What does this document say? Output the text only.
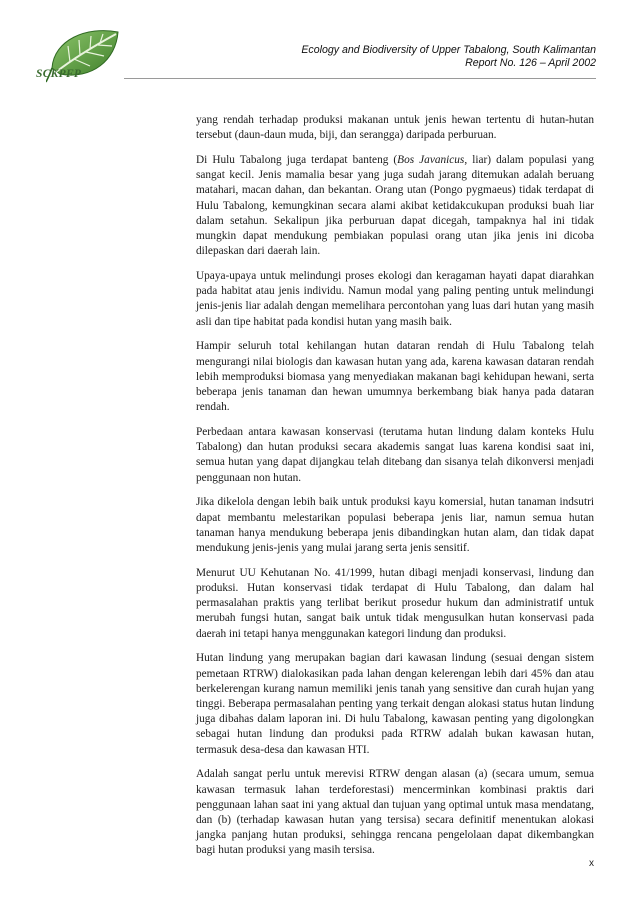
SCKPFP
Ecology and Biodiversity of Upper Tabalong, South Kalimantan
Report No. 126 – April 2002

yang rendah terhadap produksi makanan untuk jenis hewan tertentu di hutan-hutan tersebut (daun-daun muda, biji, dan serangga) daripada perburuan.

Di Hulu Tabalong juga terdapat banteng (Bos Javanicus, liar) dalam populasi yang sangat kecil. Jenis mamalia besar yang juga sudah jarang ditemukan adalah beruang matahari, macan dahan, dan bekantan. Orang utan (Pongo pygmaeus) tidak terdapat di Hulu Tabalong, kemungkinan secara alami akibat ketidakcukupan produksi buah liar dalam setahun. Sekalipun jika perburuan dapat dicegah, tampaknya hal ini tidak mungkin dapat mendukung pembiakan populasi orang utan jika jenis ini dicoba dilepaskan dari daerah lain.

Upaya-upaya untuk melindungi proses ekologi dan keragaman hayati dapat diarahkan pada habitat atau jenis individu. Namun modal yang paling penting untuk melindungi jenis-jenis liar adalah dengan memelihara percontohan yang luas dari hutan yang masih asli dan tipe habitat pada kondisi hutan yang masih baik.

Hampir seluruh total kehilangan hutan dataran rendah di Hulu Tabalong telah mengurangi nilai biologis dan kawasan hutan yang ada, karena kawasan dataran rendah lebih memproduksi biomasa yang menyediakan makanan bagi kehidupan hewani, serta beberapa jenis tanaman dan hewan umumnya berkembang biak hanya pada dataran rendah.

Perbedaan antara kawasan konservasi (terutama hutan lindung dalam konteks Hulu Tabalong) dan hutan produksi secara akademis sangat luas karena kondisi saat ini, semua hutan yang dapat dijangkau telah ditebang dan sisanya telah dikonversi menjadi penggunaan non hutan.

Jika dikelola dengan lebih baik untuk produksi kayu komersial, hutan tanaman indsutri dapat membantu melestarikan populasi beberapa jenis liar, namun semua hutan tanaman hanya mendukung beberapa jenis dibandingkan hutan alam, dan tidak dapat mendukung jenis-jenis yang mulai jarang serta jenis sensitif.

Menurut UU Kehutanan No. 41/1999, hutan dibagi menjadi konservasi, lindung dan produksi. Hutan konservasi tidak terdapat di Hulu Tabalong, dan dalam hal permasalahan praktis yang terlibat berikut prosedur hukum dan administratif untuk merubah fungsi hutan, sangat baik untuk tidak mengusulkan hutan konservasi pada daerah ini tetapi hanya menggunakan kategori lindung dan produksi.

Hutan lindung yang merupakan bagian dari kawasan lindung (sesuai dengan sistem pemetaan RTRW) dialokasikan pada lahan dengan kelerengan lebih dari 45% dan atau berkelerengan kurang namun memiliki jenis tanah yang sensitive dan curah hujan yang tinggi. Beberapa permasalahan penting yang terkait dengan alokasi status hutan lindung juga dibahas dalam laporan ini. Di hulu Tabalong, kawasan penting yang digolongkan sebagai hutan lindung dan produksi pada RTRW adalah bukan kawasan hutan, termasuk desa-desa dan kawasan HTI.

Adalah sangat perlu untuk merevisi RTRW dengan alasan (a) (secara umum, semua kawasan termasuk lahan terdeforestasi) mencerminkan kombinasi praktis dari penggunaan lahan saat ini yang aktual dan tujuan yang optimal untuk masa mendatang, dan (b) (terhadap kawasan hutan yang tersisa) secara definitif menentukan alokasi jangka panjang hutan produksi, sehingga rencana pengelolaan dapat dikembangkan bagi hutan produksi yang masih tersisa.

x
